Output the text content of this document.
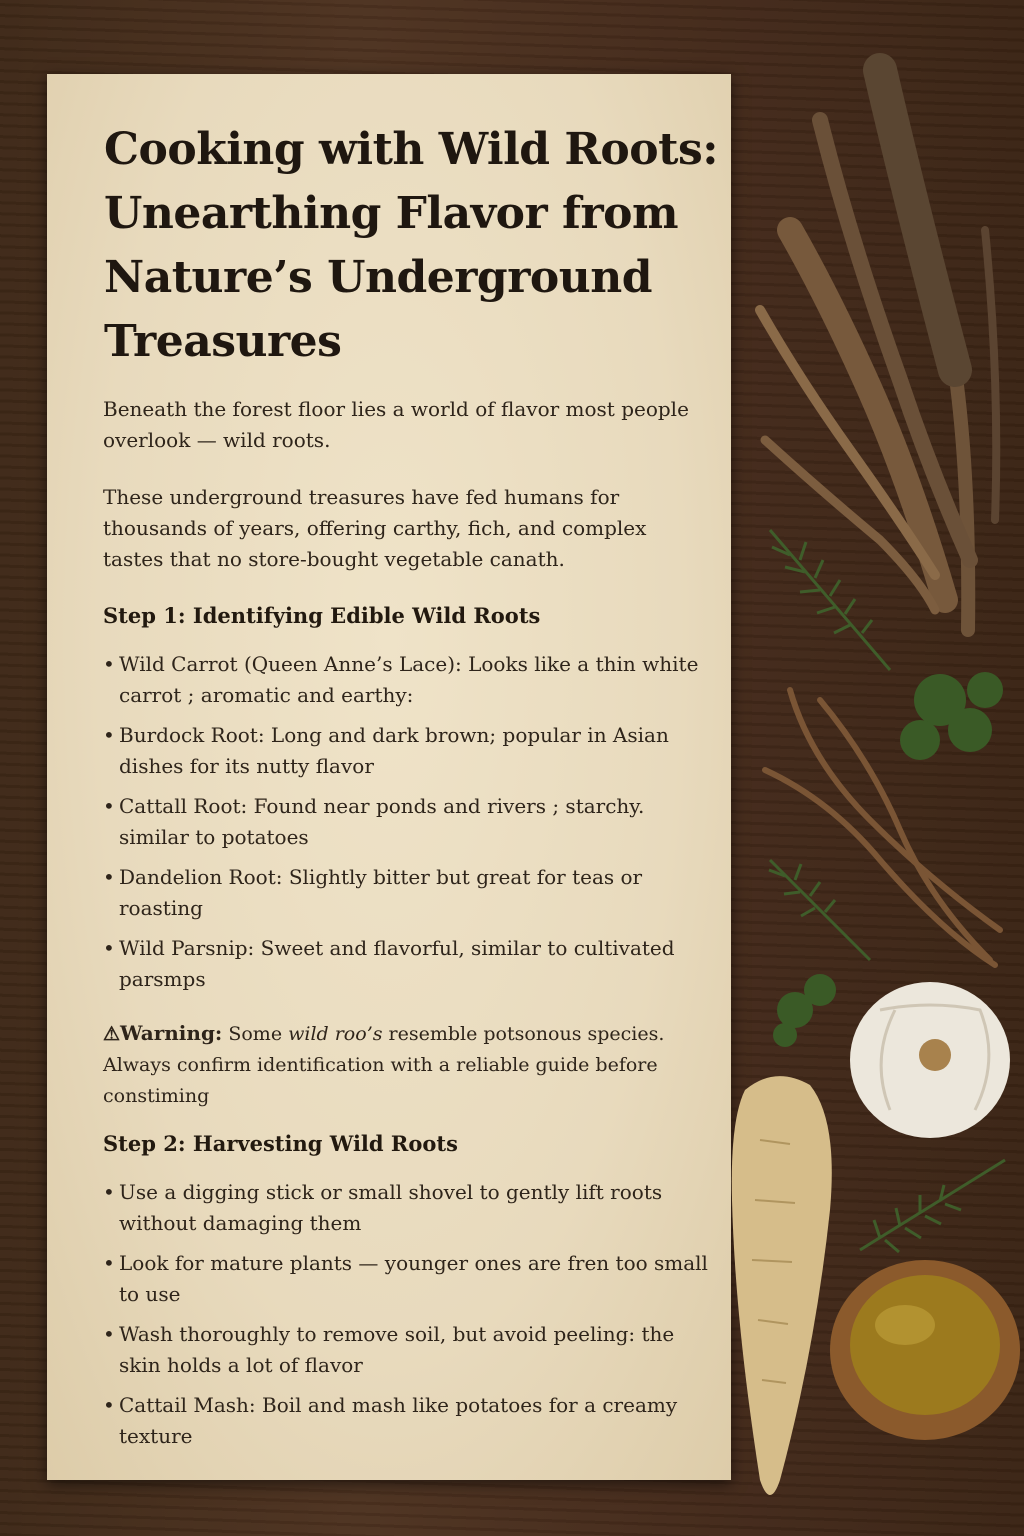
Cooking with Wild Roots: Unearthing Flavor from Nature’s Underground Treasures

Beneath the forest floor lies a world of flavor most people overlook — wild roots.

These underground treasures have fed humans for thousands of years, offering carthy, fich, and complex tastes that no store-bought vegetable canath.

Step 1: Identifying Edible Wild Roots
• Wild Carrot (Queen Anne’s Lace): Looks like a thin white carrot ; aromatic and earthy:
• Burdock Root: Long and dark brown; popular in Asian dishes for its nutty flavor
• Cattall Root: Found near ponds and rivers ; starchy. similar to potatoes
• Dandelion Root: Slightly bitter but great for teas or roasting
• Wild Parsnip: Sweet and flavorful, similar to cultivated parsmps

⚠Warning: Some wild roo’s resemble potsonous species. Always confirm identification with a reliable guide before constiming

Step 2: Harvesting Wild Roots
• Use a digging stick or small shovel to gently lift roots without damaging them
• Look for mature plants — younger ones are fren too small to use
• Wash thoroughly to remove soil, but avoid peeling: the skin holds a lot of flavor
• Cattail Mash: Boil and mash like potatoes for a creamy texture
